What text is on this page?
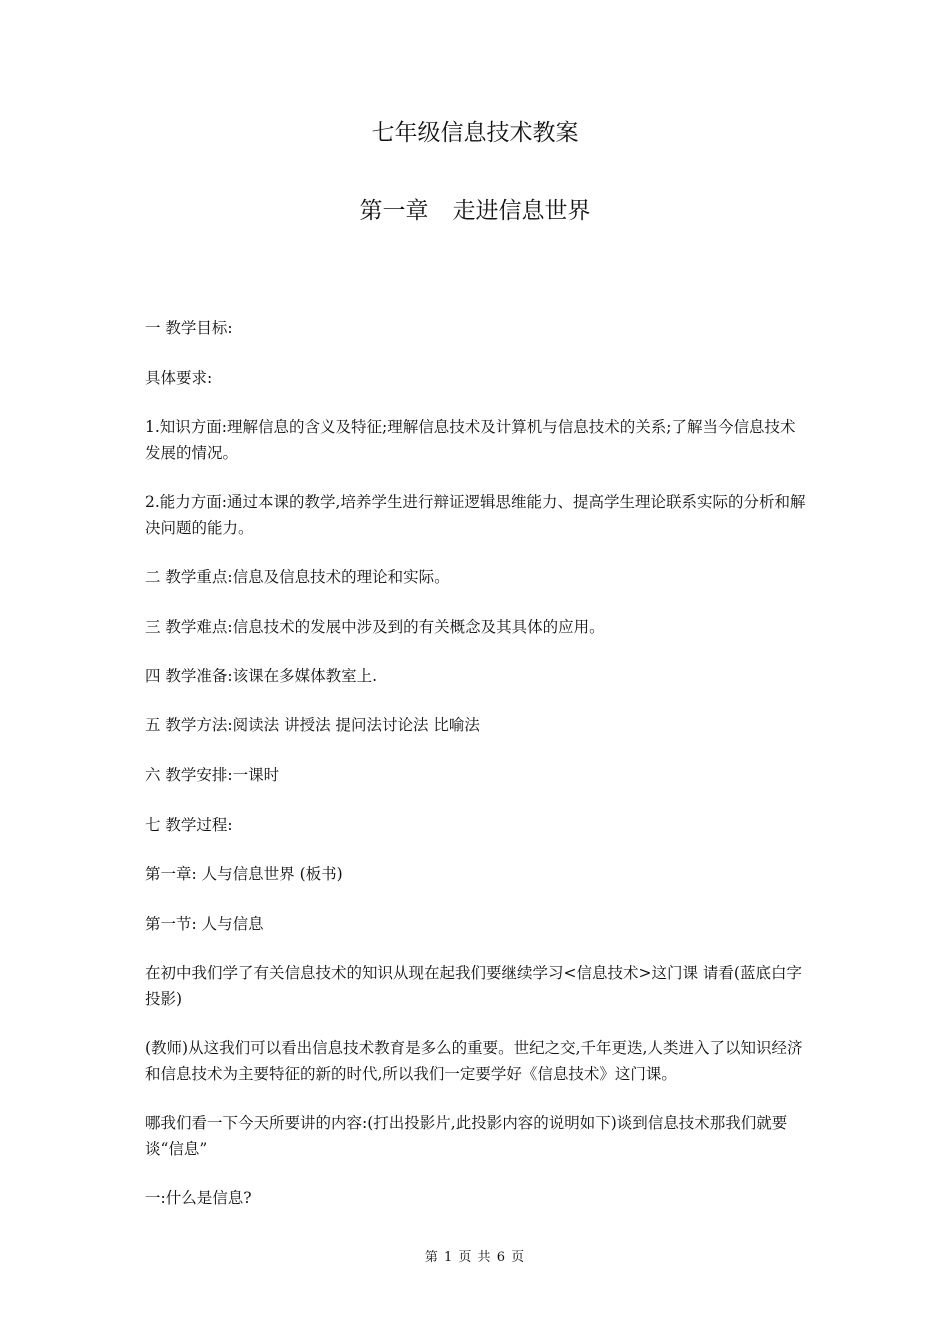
七年级信息技术教案
第一章 走进信息世界

一 教学目标:

具体要求:

1.知识方面:理解信息的含义及特征;理解信息技术及计算机与信息技术的关系;了解当今信息技术发展的情况。

2.能力方面:通过本课的教学,培养学生进行辩证逻辑思维能力、提高学生理论联系实际的分析和解决问题的能力。

二 教学重点:信息及信息技术的理论和实际。

三 教学难点:信息技术的发展中涉及到的有关概念及其具体的应用。

四 教学准备:该课在多媒体教室上.

五 教学方法:阅读法 讲授法 提问法讨论法 比喻法

六 教学安排:一课时

七 教学过程:

第一章: 人与信息世界 (板书)

第一节: 人与信息

在初中我们学了有关信息技术的知识从现在起我们要继续学习<信息技术>这门课 请看(蓝底白字投影)

(教师)从这我们可以看出信息技术教育是多么的重要。世纪之交,千年更迭,人类进入了以知识经济和信息技术为主要特征的新的时代,所以我们一定要学好《信息技术》这门课。

哪我们看一下今天所要讲的内容:(打出投影片,此投影内容的说明如下)谈到信息技术那我们就要谈“信息”

一:什么是信息?

第 1 页 共 6 页
